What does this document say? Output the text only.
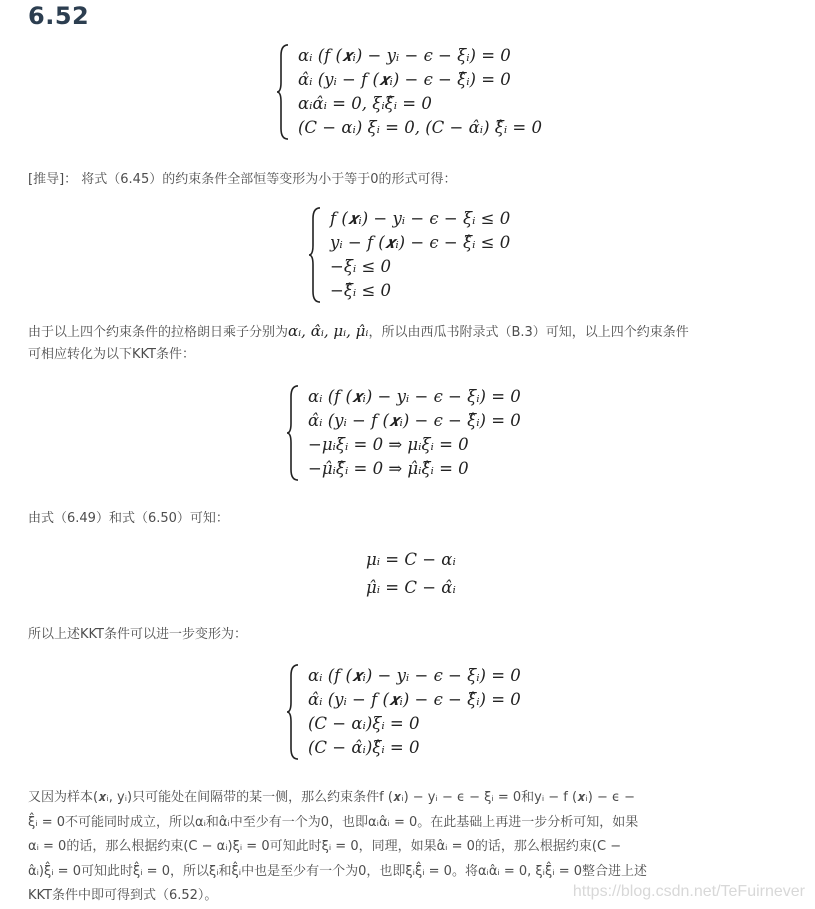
6.52
αᵢ (f (𝒙ᵢ) − yᵢ − ϵ − ξᵢ) = 0
α̂ᵢ (yᵢ − f (𝒙ᵢ) − ϵ − ξ̂ᵢ) = 0
αᵢα̂ᵢ = 0, ξᵢξ̂ᵢ = 0
(C − αᵢ) ξᵢ = 0, (C − α̂ᵢ) ξ̂ᵢ = 0
[推导]： 将式（6.45）的约束条件全部恒等变形为小于等于0的形式可得：
f (𝒙ᵢ) − yᵢ − ϵ − ξᵢ ≤ 0
yᵢ − f (𝒙ᵢ) − ϵ − ξ̂ᵢ ≤ 0
−ξᵢ ≤ 0
−ξ̂ᵢ ≤ 0
由于以上四个约束条件的拉格朗日乘子分别为αᵢ, α̂ᵢ, μᵢ, μ̂ᵢ，所以由西瓜书附录式（B.3）可知，以上四个约束条件
可相应转化为以下KKT条件：
αᵢ (f (𝒙ᵢ) − yᵢ − ϵ − ξᵢ) = 0
α̂ᵢ (yᵢ − f (𝒙ᵢ) − ϵ − ξ̂ᵢ) = 0
−μᵢξᵢ = 0 ⇒ μᵢξᵢ = 0
−μ̂ᵢξ̂ᵢ = 0 ⇒ μ̂ᵢξ̂ᵢ = 0
由式（6.49）和式（6.50）可知：
μᵢ = C − αᵢ
μ̂ᵢ = C − α̂ᵢ
所以上述KKT条件可以进一步变形为：
αᵢ (f (𝒙ᵢ) − yᵢ − ϵ − ξᵢ) = 0
α̂ᵢ (yᵢ − f (𝒙ᵢ) − ϵ − ξ̂ᵢ) = 0
(C − αᵢ)ξᵢ = 0
(C − α̂ᵢ)ξ̂ᵢ = 0
又因为样本(𝒙ᵢ, yᵢ)只可能处在间隔带的某一侧，那么约束条件f (𝒙ᵢ) − yᵢ − ϵ − ξᵢ = 0和yᵢ − f (𝒙ᵢ) − ϵ −
ξ̂ᵢ = 0不可能同时成立，所以αᵢ和α̂ᵢ中至少有一个为0，也即αᵢα̂ᵢ = 0。在此基础上再进一步分析可知，如果
αᵢ = 0的话，那么根据约束(C − αᵢ)ξᵢ = 0可知此时ξᵢ = 0，同理，如果α̂ᵢ = 0的话，那么根据约束(C −
α̂ᵢ)ξ̂ᵢ = 0可知此时ξ̂ᵢ = 0，所以ξᵢ和ξ̂ᵢ中也是至少有一个为0，也即ξᵢξ̂ᵢ = 0。将αᵢα̂ᵢ = 0, ξᵢξ̂ᵢ = 0整合进上述
KKT条件中即可得到式（6.52）。	https://blog.csdn.net/TeFuirnever
